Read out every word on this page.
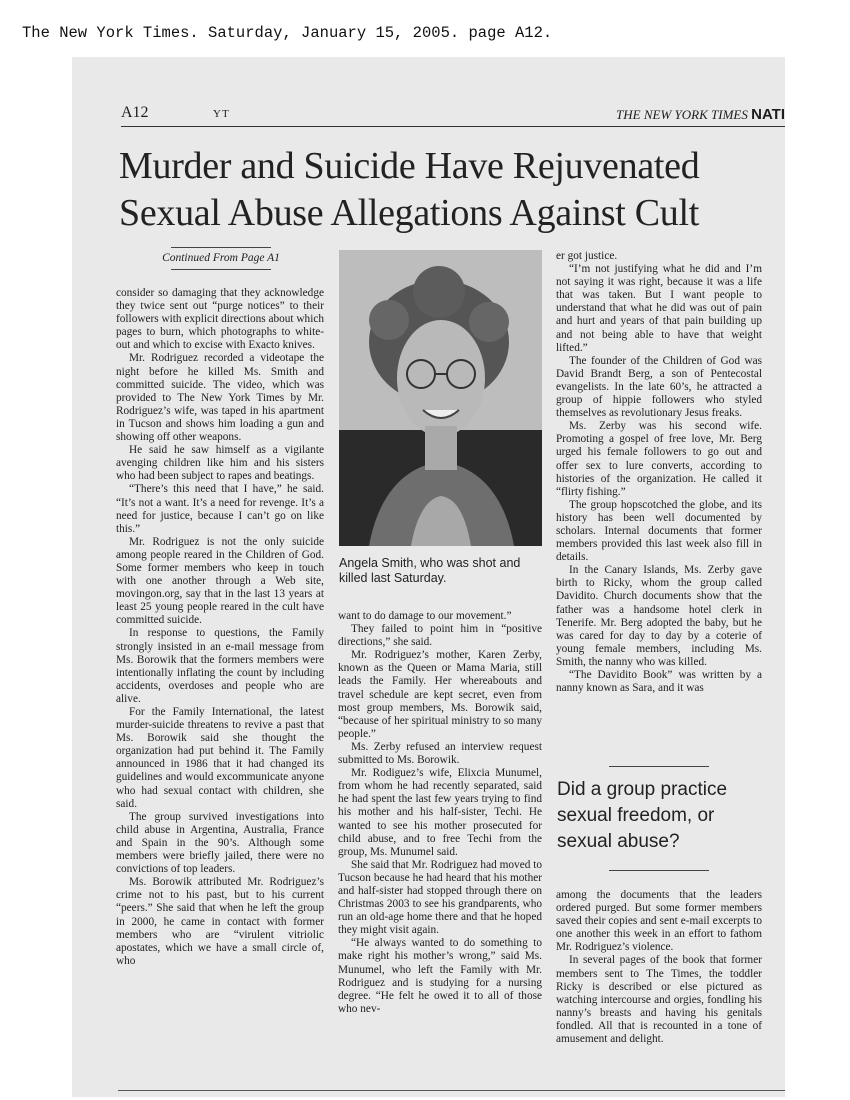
The New York Times. Saturday, January 15, 2005. page A12.
A12	YT	THE NEW YORK TIMES NATI
Murder and Suicide Have Rejuvenated
Sexual Abuse Allegations Against Cult
Continued From Page A1

consider so damaging that they acknowledge they twice sent out “purge notices” to their followers with explicit directions about which pages to burn, which photographs to white-out and which to excise with Exacto knives.

Mr. Rodriguez recorded a videotape the night before he killed Ms. Smith and committed suicide. The video, which was provided to The New York Times by Mr. Rodriguez’s wife, was taped in his apartment in Tucson and shows him loading a gun and showing off other weapons.

He said he saw himself as a vigilante avenging children like him and his sisters who had been subject to rapes and beatings.

“There’s this need that I have,” he said. “It’s not a want. It’s a need for revenge. It’s a need for justice, because I can’t go on like this.”

Mr. Rodriguez is not the only suicide among people reared in the Children of God. Some former members who keep in touch with one another through a Web site, movingon.org, say that in the last 13 years at least 25 young people reared in the cult have committed suicide.

In response to questions, the Family strongly insisted in an e-mail message from Ms. Borowik that the formers members were intentionally inflating the count by including accidents, overdoses and people who are alive.

For the Family International, the latest murder-suicide threatens to revive a past that Ms. Borowik said she thought the organization had put behind it. The Family announced in 1986 that it had changed its guidelines and would excommunicate anyone who had sexual contact with children, she said.

The group survived investigations into child abuse in Argentina, Australia, France and Spain in the 90’s. Although some members were briefly jailed, there were no convictions of top leaders.

Ms. Borowik attributed Mr. Rodriguez’s crime not to his past, but to his current “peers.” She said that when he left the group in 2000, he came in contact with former members who are “virulent vitriolic apostates, which we have a small circle of, who

Angela Smith, who was shot and killed last Saturday.

want to do damage to our movement.”

They failed to point him in “positive directions,” she said.

Mr. Rodriguez’s mother, Karen Zerby, known as the Queen or Mama Maria, still leads the Family. Her whereabouts and travel schedule are kept secret, even from most group members, Ms. Borowik said, “because of her spiritual ministry to so many people.”

Ms. Zerby refused an interview request submitted to Ms. Borowik.

Mr. Rodiguez’s wife, Elixcia Munumel, from whom he had recently separated, said he had spent the last few years trying to find his mother and his half-sister, Techi. He wanted to see his mother prosecuted for child abuse, and to free Techi from the group, Ms. Munumel said.

She said that Mr. Rodriguez had moved to Tucson because he had heard that his mother and half-sister had stopped through there on Christmas 2003 to see his grandparents, who run an old-age home there and that he hoped they might visit again.

“He always wanted to do something to make right his mother’s wrong,” said Ms. Munumel, who left the Family with Mr. Rodriguez and is studying for a nursing degree. “He felt he owed it to all of those who nev-

er got justice.

“I’m not justifying what he did and I’m not saying it was right, because it was a life that was taken. But I want people to understand that what he did was out of pain and hurt and years of that pain building up and not being able to have that weight lifted.”

The founder of the Children of God was David Brandt Berg, a son of Pentecostal evangelists. In the late 60’s, he attracted a group of hippie followers who styled themselves as revolutionary Jesus freaks.

Ms. Zerby was his second wife. Promoting a gospel of free love, Mr. Berg urged his female followers to go out and offer sex to lure converts, according to histories of the organization. He called it “flirty fishing.”

The group hopscotched the globe, and its history has been well documented by scholars. Internal documents that former members provided this last week also fill in details.

In the Canary Islands, Ms. Zerby gave birth to Ricky, whom the group called Davidito. Church documents show that the father was a handsome hotel clerk in Tenerife. Mr. Berg adopted the baby, but he was cared for day to day by a coterie of young female members, including Ms. Smith, the nanny who was killed.

“The Davidito Book” was written by a nanny known as Sara, and it was

Did a group practice sexual freedom, or sexual abuse?

among the documents that the leaders ordered purged. But some former members saved their copies and sent e-mail excerpts to one another this week in an effort to fathom Mr. Rodriguez’s violence.

In several pages of the book that former members sent to The Times, the toddler Ricky is described or else pictured as watching intercourse and orgies, fondling his nanny’s breasts and having his genitals fondled. All that is recounted in a tone of amusement and delight.
